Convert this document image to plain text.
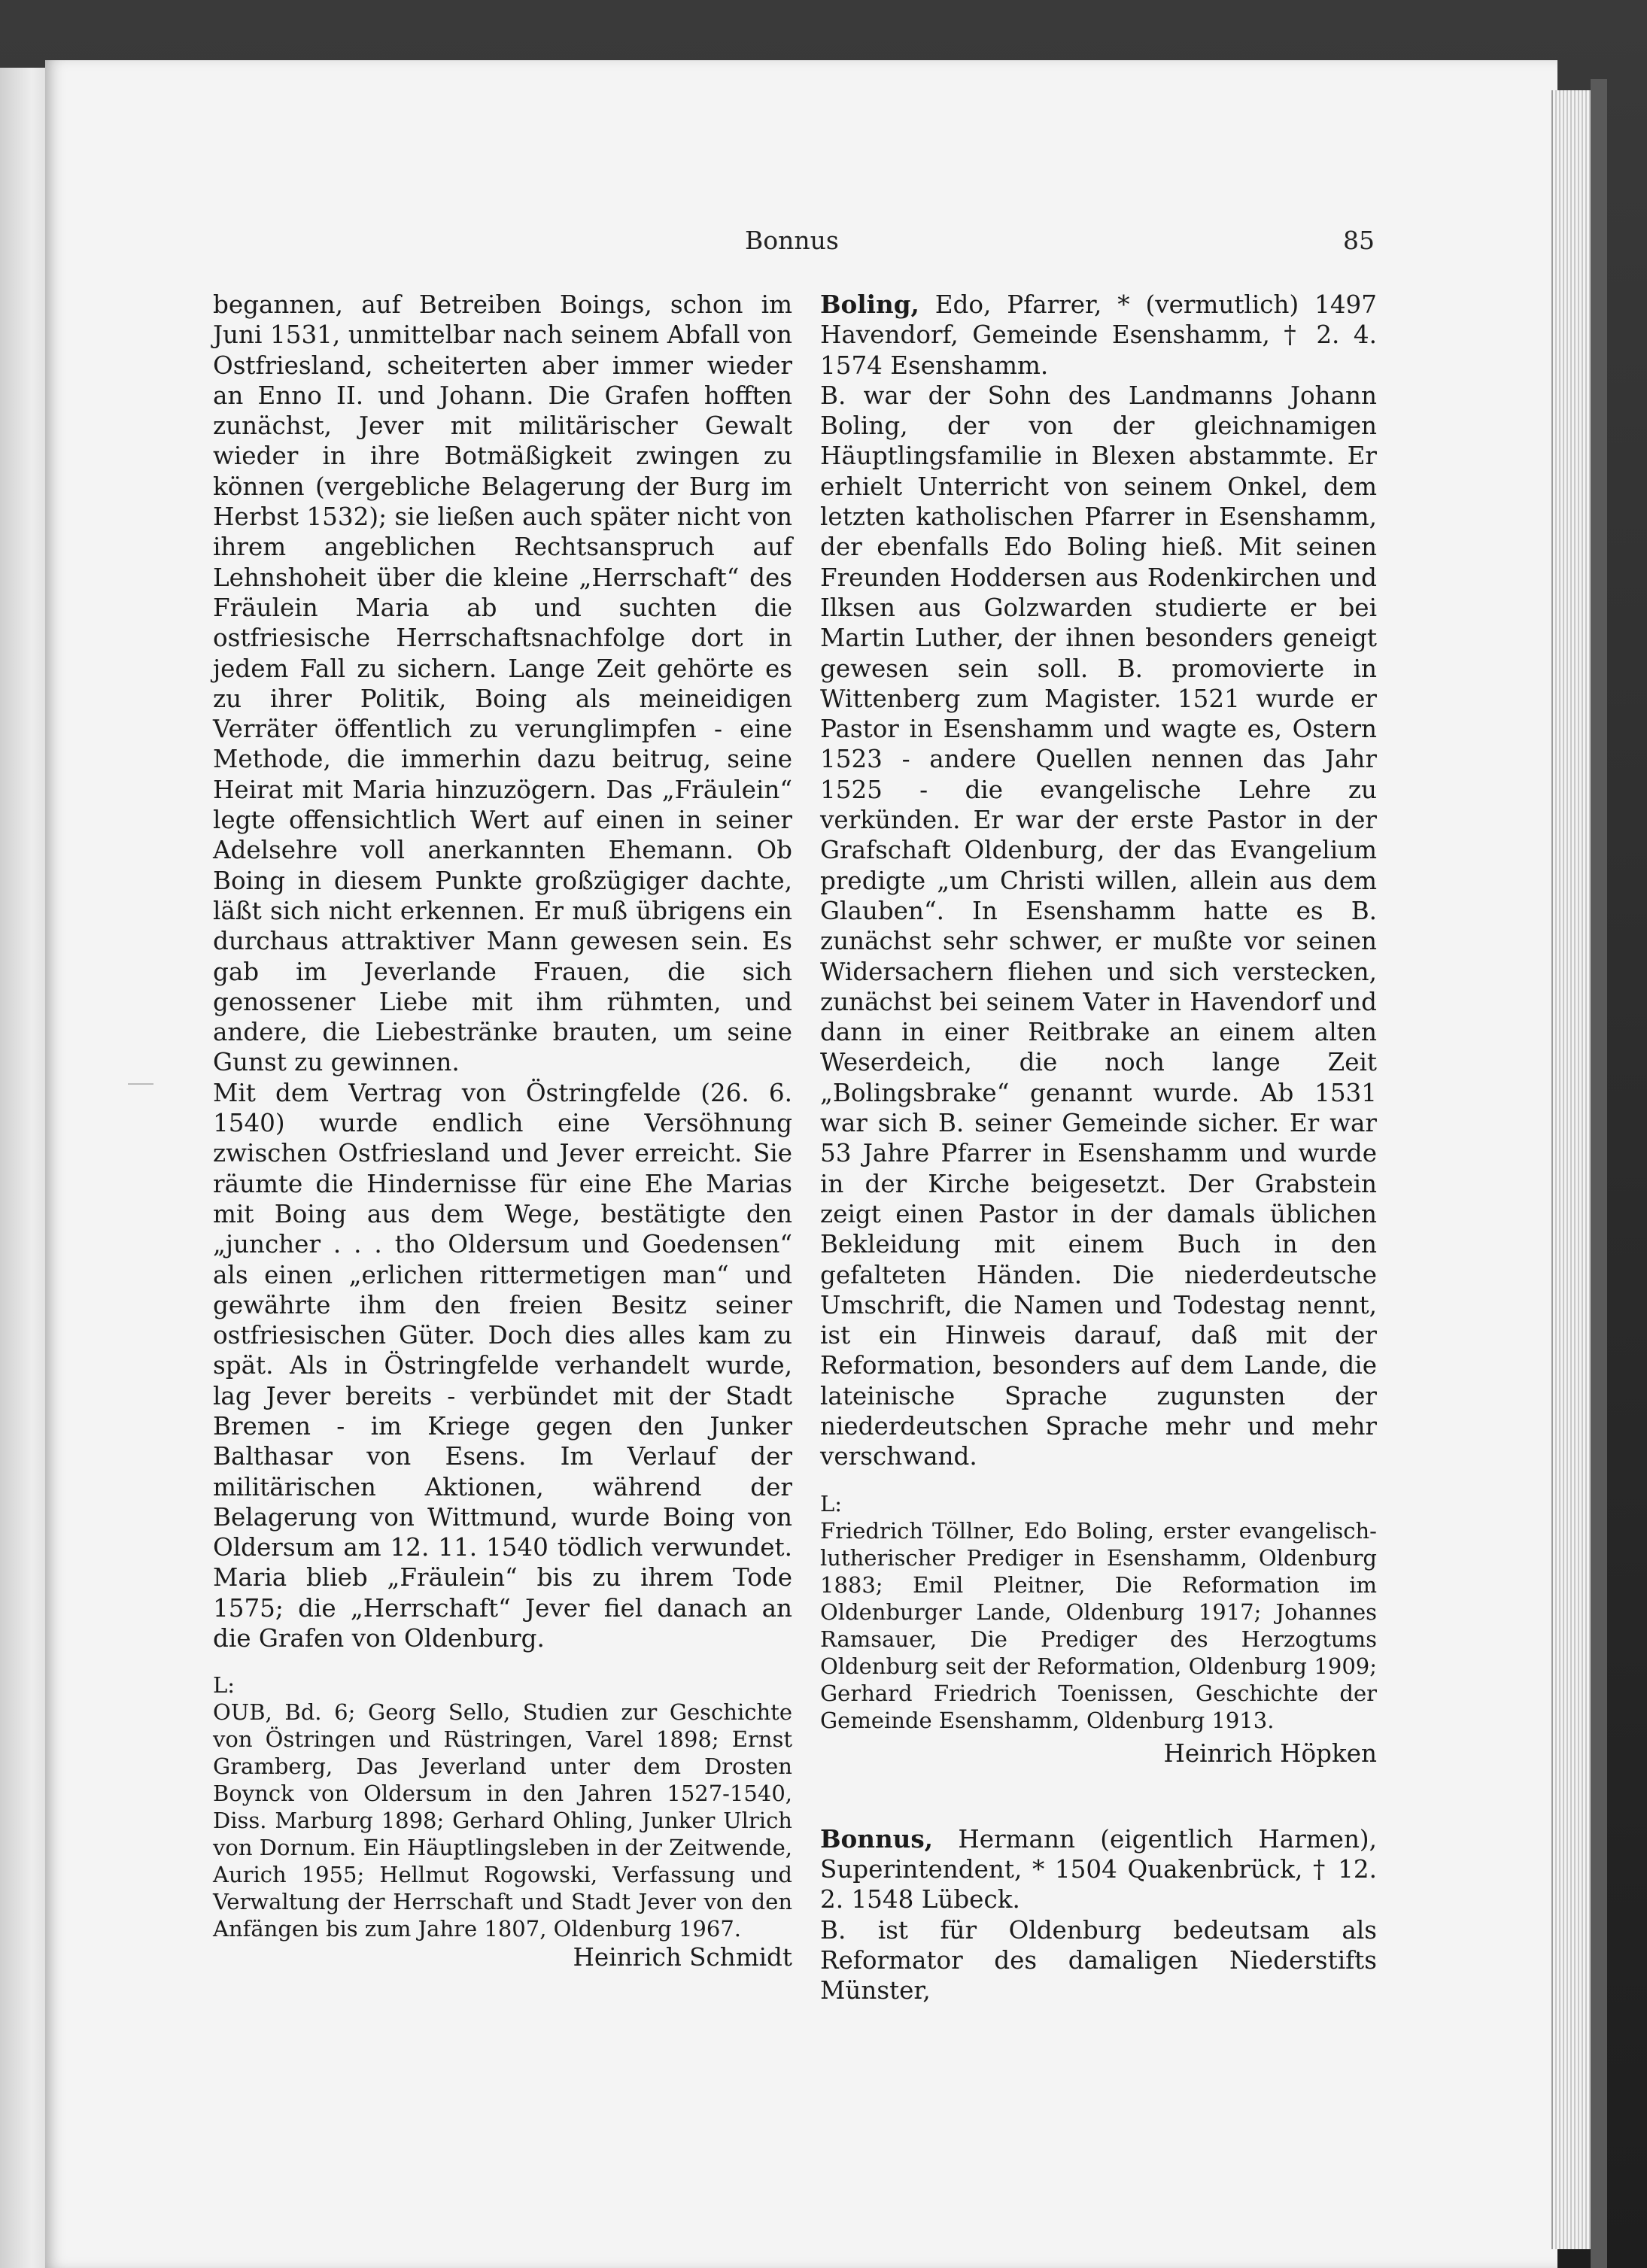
Bonnus	85

begannen, auf Betreiben Boings, schon im Juni 1531, unmittelbar nach seinem Abfall von Ostfriesland, scheiterten aber immer wieder an Enno II. und Johann. Die Grafen hofften zunächst, Jever mit militärischer Gewalt wieder in ihre Botmäßigkeit zwingen zu können (vergebliche Belagerung der Burg im Herbst 1532); sie ließen auch später nicht von ihrem angeblichen Rechtsanspruch auf Lehnshoheit über die kleine „Herrschaft“ des Fräulein Maria ab und suchten die ostfriesische Herrschaftsnachfolge dort in jedem Fall zu sichern. Lange Zeit gehörte es zu ihrer Politik, Boing als meineidigen Verräter öffentlich zu verunglimpfen - eine Methode, die immerhin dazu beitrug, seine Heirat mit Maria hinzuzögern. Das „Fräulein“ legte offensichtlich Wert auf einen in seiner Adelsehre voll anerkannten Ehemann. Ob Boing in diesem Punkte großzügiger dachte, läßt sich nicht erkennen. Er muß übrigens ein durchaus attraktiver Mann gewesen sein. Es gab im Jeverlande Frauen, die sich genossener Liebe mit ihm rühmten, und andere, die Liebestränke brauten, um seine Gunst zu gewinnen.

Mit dem Vertrag von Östringfelde (26. 6. 1540) wurde endlich eine Versöhnung zwischen Ostfriesland und Jever erreicht. Sie räumte die Hindernisse für eine Ehe Marias mit Boing aus dem Wege, bestätigte den „juncher . . . tho Oldersum und Goedensen“ als einen „erlichen rittermetigen man“ und gewährte ihm den freien Besitz seiner ostfriesischen Güter. Doch dies alles kam zu spät. Als in Östringfelde verhandelt wurde, lag Jever bereits - verbündet mit der Stadt Bremen - im Kriege gegen den Junker Balthasar von Esens. Im Verlauf der militärischen Aktionen, während der Belagerung von Wittmund, wurde Boing von Oldersum am 12. 11. 1540 tödlich verwundet. Maria blieb „Fräulein“ bis zu ihrem Tode 1575; die „Herrschaft“ Jever fiel danach an die Grafen von Oldenburg.

L:

OUB, Bd. 6; Georg Sello, Studien zur Geschichte von Östringen und Rüstringen, Varel 1898; Ernst Gramberg, Das Jeverland unter dem Drosten Boynck von Oldersum in den Jahren 1527-1540, Diss. Marburg 1898; Gerhard Ohling, Junker Ulrich von Dornum. Ein Häuptlingsleben in der Zeitwende, Aurich 1955; Hellmut Rogowski, Verfassung und Verwaltung der Herrschaft und Stadt Jever von den Anfängen bis zum Jahre 1807, Oldenburg 1967.

Heinrich Schmidt

Boling, Edo, Pfarrer, * (vermutlich) 1497 Havendorf, Gemeinde Esenshamm, † 2. 4. 1574 Esenshamm.

B. war der Sohn des Landmanns Johann Boling, der von der gleichnamigen Häuptlingsfamilie in Blexen abstammte. Er erhielt Unterricht von seinem Onkel, dem letzten katholischen Pfarrer in Esenshamm, der ebenfalls Edo Boling hieß. Mit seinen Freunden Hoddersen aus Rodenkirchen und Ilksen aus Golzwarden studierte er bei Martin Luther, der ihnen besonders geneigt gewesen sein soll. B. promovierte in Wittenberg zum Magister. 1521 wurde er Pastor in Esenshamm und wagte es, Ostern 1523 - andere Quellen nennen das Jahr 1525 - die evangelische Lehre zu verkünden. Er war der erste Pastor in der Grafschaft Oldenburg, der das Evangelium predigte „um Christi willen, allein aus dem Glauben“. In Esenshamm hatte es B. zunächst sehr schwer, er mußte vor seinen Widersachern fliehen und sich verstecken, zunächst bei seinem Vater in Havendorf und dann in einer Reitbrake an einem alten Weserdeich, die noch lange Zeit „Bolingsbrake“ genannt wurde. Ab 1531 war sich B. seiner Gemeinde sicher. Er war 53 Jahre Pfarrer in Esenshamm und wurde in der Kirche beigesetzt. Der Grabstein zeigt einen Pastor in der damals üblichen Bekleidung mit einem Buch in den gefalteten Händen. Die niederdeutsche Umschrift, die Namen und Todestag nennt, ist ein Hinweis darauf, daß mit der Reformation, besonders auf dem Lande, die lateinische Sprache zugunsten der niederdeutschen Sprache mehr und mehr verschwand.

L:

Friedrich Töllner, Edo Boling, erster evangelisch-lutherischer Prediger in Esenshamm, Oldenburg 1883; Emil Pleitner, Die Reformation im Oldenburger Lande, Oldenburg 1917; Johannes Ramsauer, Die Prediger des Herzogtums Oldenburg seit der Reformation, Oldenburg 1909; Gerhard Friedrich Toenissen, Geschichte der Gemeinde Esenshamm, Oldenburg 1913.

Heinrich Höpken

Bonnus, Hermann (eigentlich Harmen), Superintendent, * 1504 Quakenbrück, † 12. 2. 1548 Lübeck.

B. ist für Oldenburg bedeutsam als Reformator des damaligen Niederstifts Münster,
